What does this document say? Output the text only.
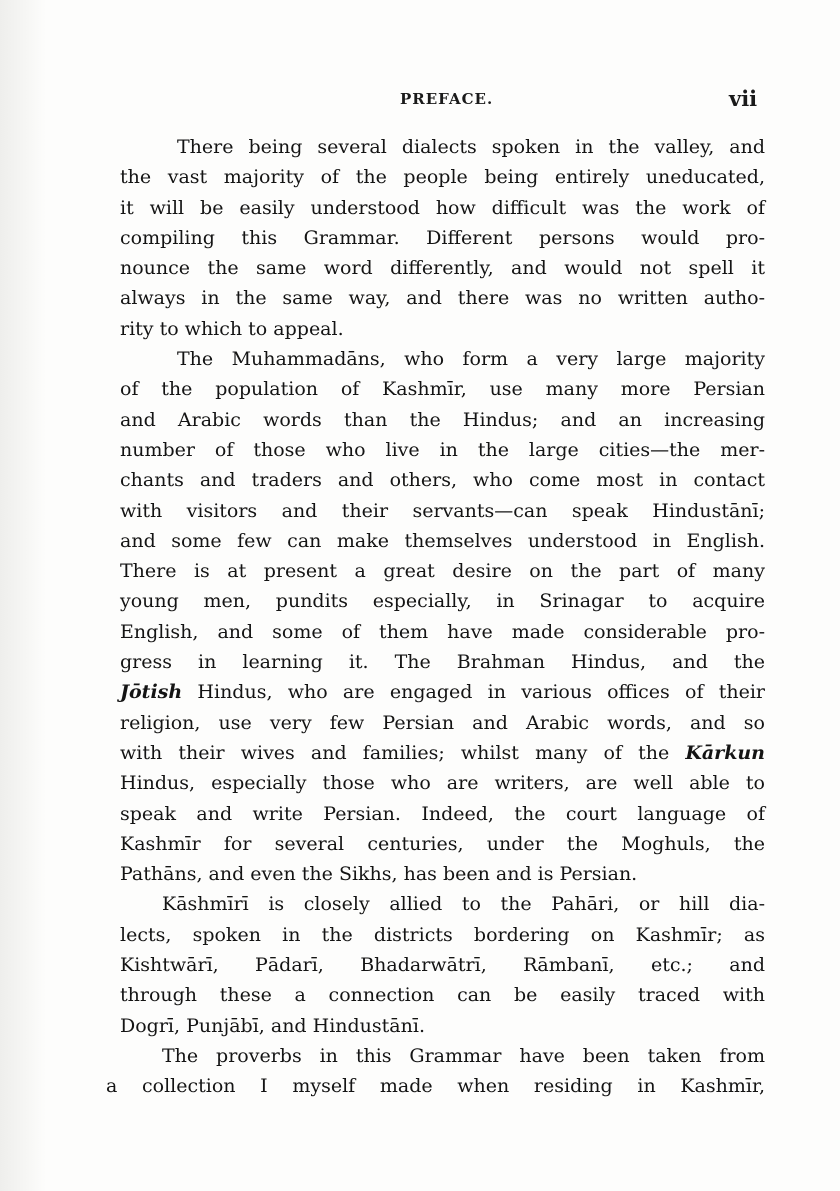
PREFACE.	vii
There being several dialects spoken in the valley, and
the vast majority of the people being entirely uneducated,
it will be easily understood how difficult was the work of
compiling this Grammar. Different persons would pro-
nounce the same word differently, and would not spell it
always in the same way, and there was no written autho-
rity to which to appeal.
The Muhammadāns, who form a very large majority
of the population of Kashmīr, use many more Persian
and Arabic words than the Hindus; and an increasing
number of those who live in the large cities—the mer-
chants and traders and others, who come most in contact
with visitors and their servants—can speak Hindustānī;
and some few can make themselves understood in English.
There is at present a great desire on the part of many
young men, pundits especially, in Srinagar to acquire
English, and some of them have made considerable pro-
gress in learning it. The Brahman Hindus, and the
Jōtish Hindus, who are engaged in various offices of their
religion, use very few Persian and Arabic words, and so
with their wives and families; whilst many of the Kārkun
Hindus, especially those who are writers, are well able to
speak and write Persian. Indeed, the court language of
Kashmīr for several centuries, under the Moghuls, the
Pathāns, and even the Sikhs, has been and is Persian.
Kāshmīrī is closely allied to the Pahāri, or hill dia-
lects, spoken in the districts bordering on Kashmīr; as
Kishtwārī, Pādarī, Bhadarwātrī, Rāmbanī, etc.; and
through these a connection can be easily traced with
Dogrī, Punjābī, and Hindustānī.
The proverbs in this Grammar have been taken from
a collection I myself made when residing in Kashmīr,
